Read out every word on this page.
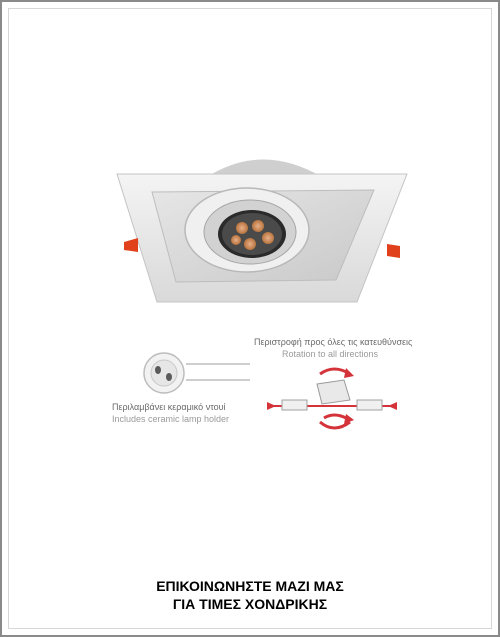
Περιλαμβάνει κεραμικό ντουί
Includes ceramic lamp holder
Περιστροφή προς όλες τις κατευθύνσεις
Rotation to all directions
ΕΠΙΚΟΙΝΩΝΗΣΤΕ ΜΑΖΙ ΜΑΣ
ΓΙΑ ΤΙΜΕΣ ΧΟΝΔΡΙΚΗΣ
